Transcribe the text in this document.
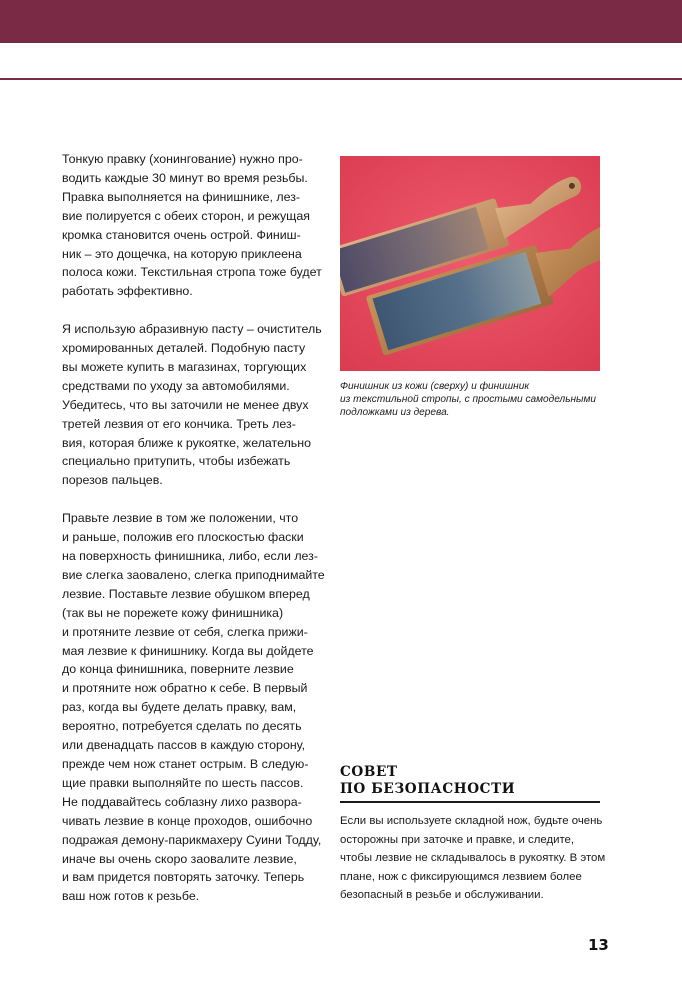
Тонкую правку (хонингование) нужно про-
водить каждые 30 минут во время резьбы.
Правка выполняется на финишнике, лез-
вие полируется с обеих сторон, и режущая
кромка становится очень острой. Финиш-
ник – это дощечка, на которую приклеена
полоса кожи. Текстильная стропа тоже будет
работать эффективно.

Я использую абразивную пасту – очиститель
хромированных деталей. Подобную пасту
вы можете купить в магазинах, торгующих
средствами по уходу за автомобилями.
Убедитесь, что вы заточили не менее двух
третей лезвия от его кончика. Треть лез-
вия, которая ближе к рукоятке, желательно
специально притупить, чтобы избежать
порезов пальцев.

Правьте лезвие в том же положении, что
и раньше, положив его плоскостью фаски
на поверхность финишника, либо, если лез-
вие слегка заовалено, слегка приподнимайте
лезвие. Поставьте лезвие обушком вперед
(так вы не порежете кожу финишника)
и протяните лезвие от себя, слегка прижи-
мая лезвие к финишнику. Когда вы дойдете
до конца финишника, поверните лезвие
и протяните нож обратно к себе. В первый
раз, когда вы будете делать правку, вам,
вероятно, потребуется сделать по десять
или двенадцать пассов в каждую сторону,
прежде чем нож станет острым. В следую-
щие правки выполняйте по шесть пассов.
Не поддавайтесь соблазну лихо развора-
чивать лезвие в конце проходов, ошибочно
подражая демону-парикмахеру Суини Тодду,
иначе вы очень скоро заовалите лезвие,
и вам придется повторять заточку. Теперь
ваш нож готов к резьбе.

Финишник из кожи (сверху) и финишник
из текстильной стропы, с простыми самодельными
подложками из дерева.
СОВЕТ
ПО БЕЗОПАСНОСТИ
Если вы используете складной нож, будьте очень
осторожны при заточке и правке, и следите,
чтобы лезвие не складывалось в рукоятку. В этом
плане, нож с фиксирующимся лезвием более
безопасный в резьбе и обслуживании.
13
